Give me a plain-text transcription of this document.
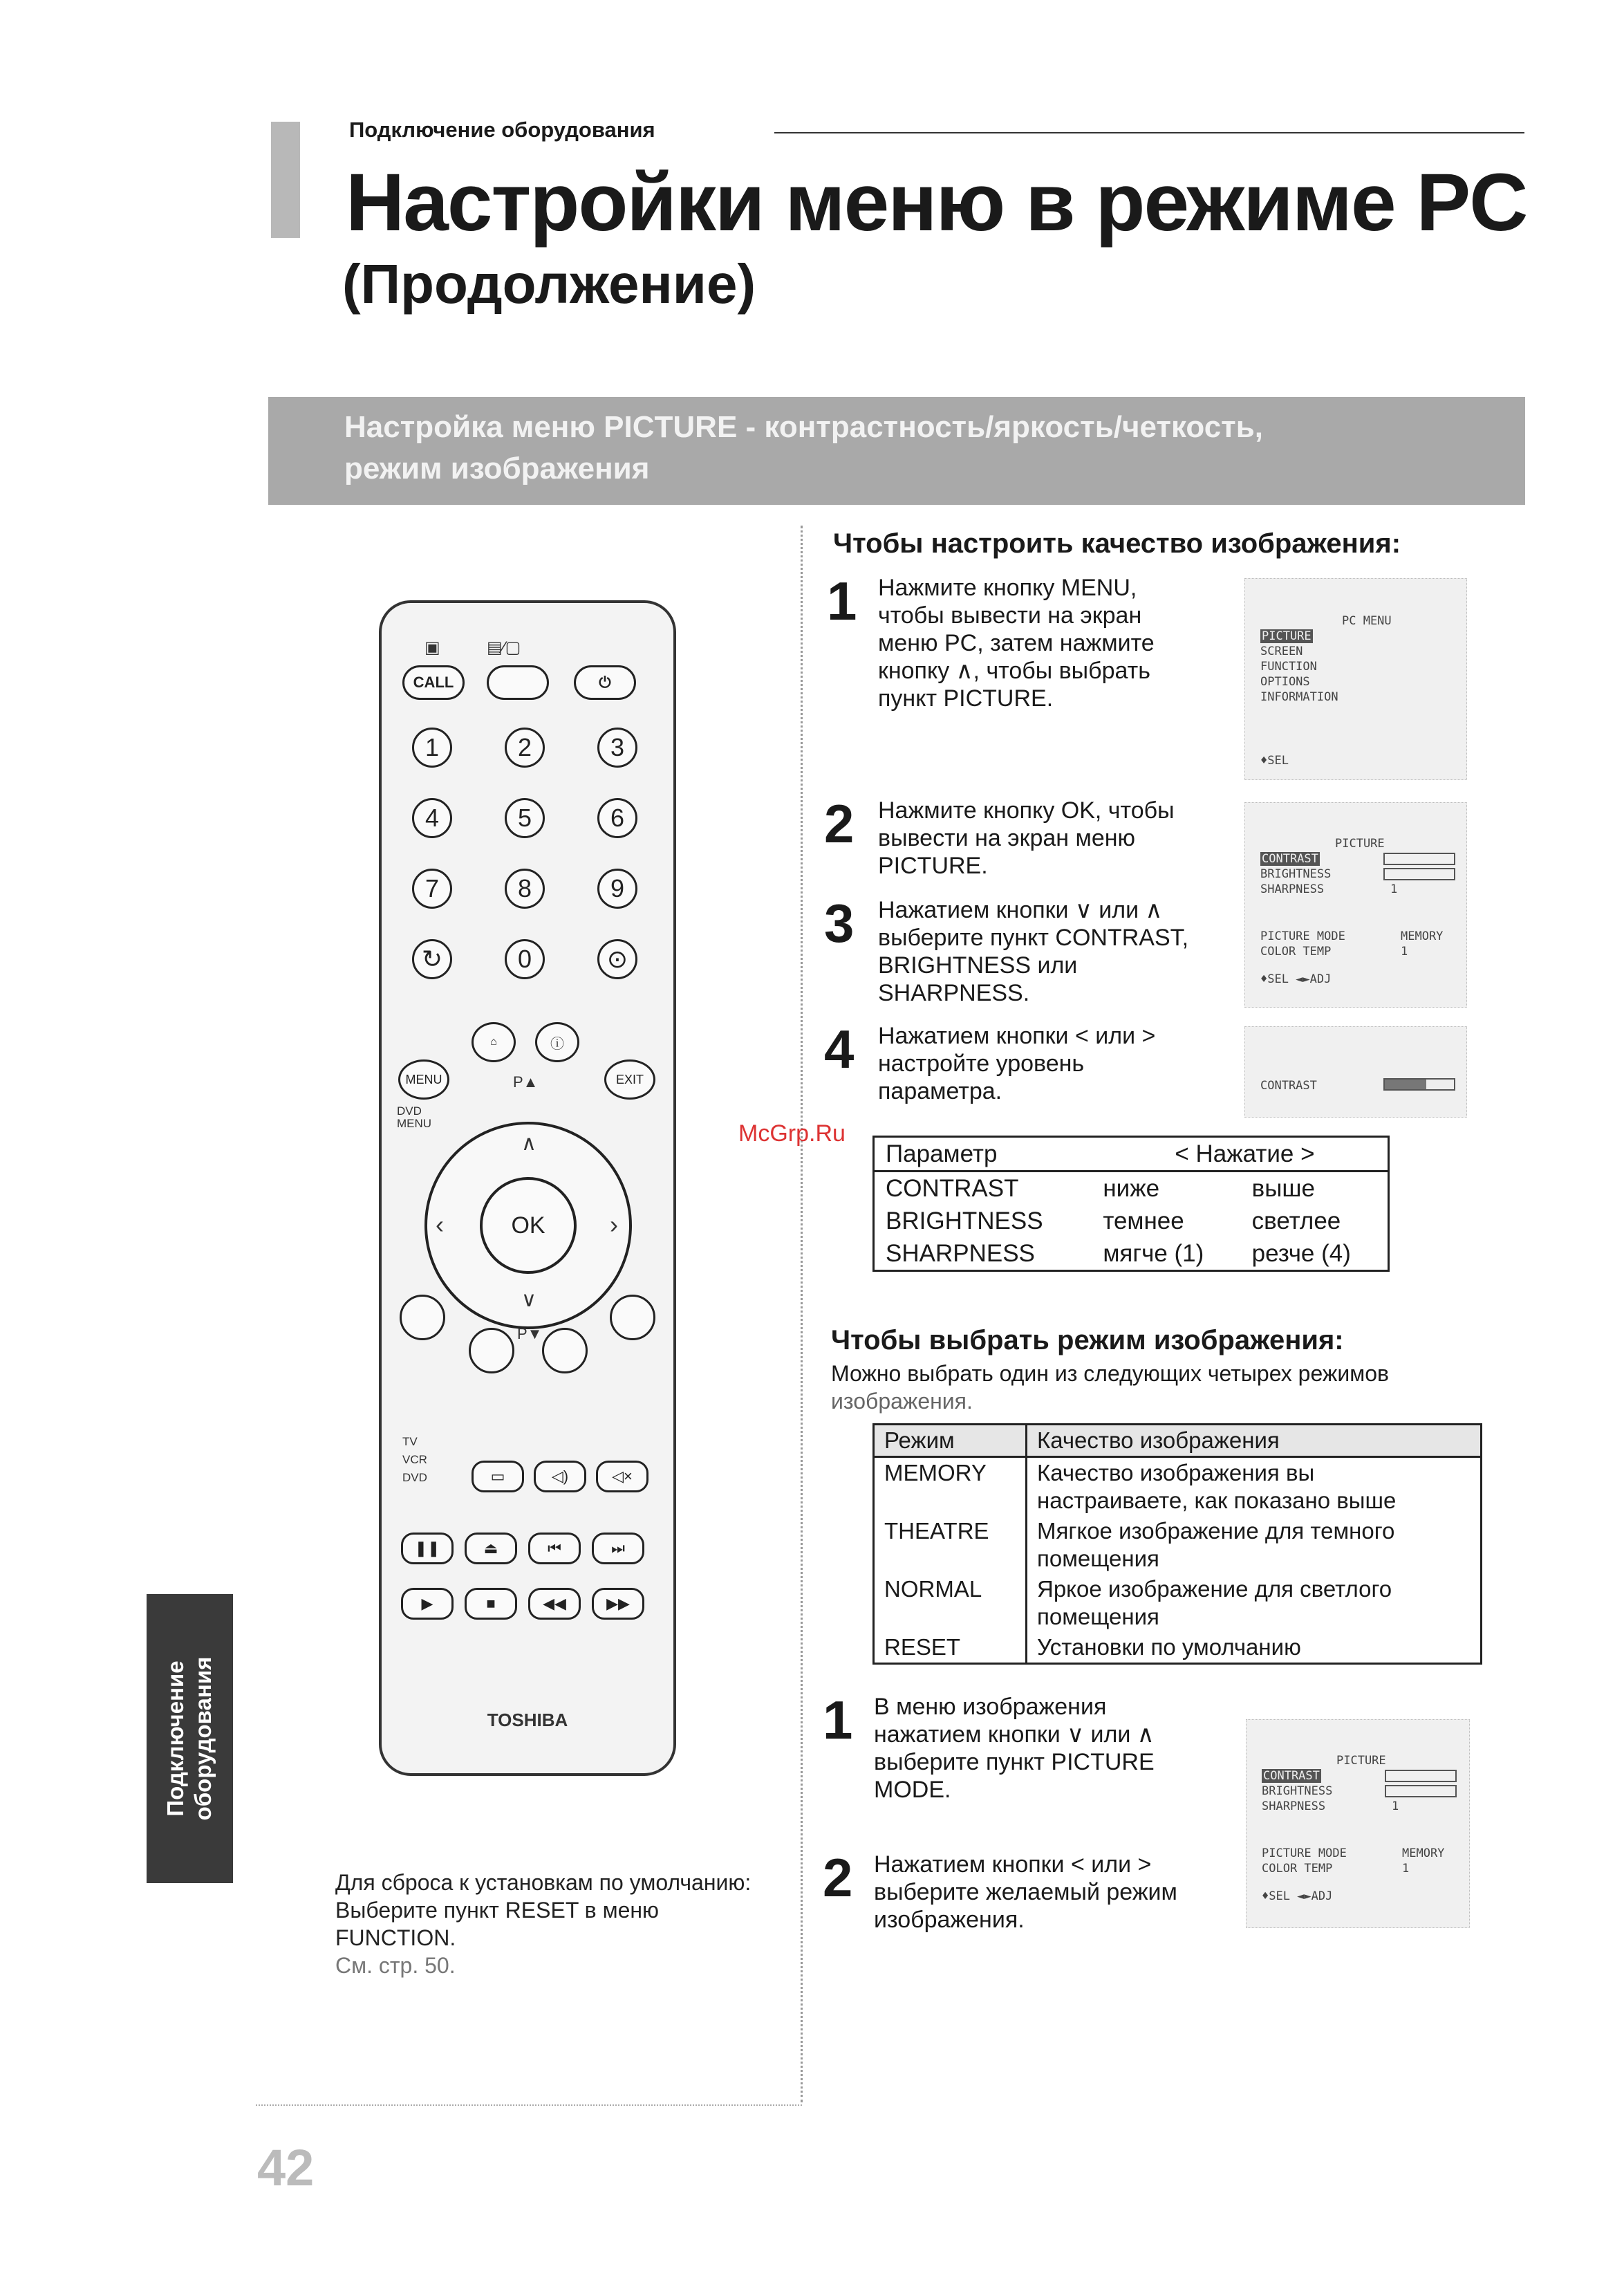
Подключение оборудования
Настройки меню в режиме PC
(Продолжение)
Настройка меню PICTURE - контрастность/яркость/четкость,
режим изображения
▣	▤⁄▢
CALL	⏻
1	2	3
4	5	6
7	8	9
↻	0	⊙
⌂	ⓘ
MENU	EXIT
P▲
DVD
MENU
OK
∧
∨
‹	›
P▼
TV
VCR
DVD	▭	◁)	◁×
❚❚	⏏	⏮	⏭
▶	■	◀◀	▶▶
TOSHIBA
Подключение оборудования
Для сброса к установкам по умолчанию:
Выберите пункт RESET в меню
FUNCTION.
См. стр. 50.
42
Чтобы настроить качество изображения:
1 Нажмите кнопку MENU,
чтобы вывести на экран
меню PC, затем нажмите
кнопку ∧, чтобы выбрать
пункт PICTURE.
PC MENU
PICTURE
SCREEN
FUNCTION
OPTIONS
INFORMATION
♦SEL
2 Нажмите кнопку OK, чтобы
вывести на экран меню
PICTURE.
3 Нажатием кнопки ∨ или ∧
выберите пункт CONTRAST,
BRIGHTNESS или
SHARPNESS.
PICTURE
CONTRAST
BRIGHTNESS
SHARPNESS	1
PICTURE MODE	MEMORY
COLOR TEMP	1
♦SEL ◄►ADJ
4 Нажатием кнопки < или >
настройте уровень
параметра.	CONTRAST
McGrp.Ru
Параметр	< Нажатие >	
CONTRAST	ниже	выше
BRIGHTNESS	темнее	светлее
SHARPNESS	мягче (1)	резче (4)
Чтобы выбрать режим изображения:
Можно выбрать один из следующих четырех режимов
изображения.
Режим	Качество изображения
MEMORY	Качество изображения вы
настраиваете, как показано выше

THEATRE	Мягкое изображение для темного
помещения

NORMAL	Яркое изображение для светлого
помещения

RESET	Установки по умолчанию
1 В меню изображения
нажатием кнопки ∨ или ∧
выберите пункт PICTURE
MODE.
2 Нажатием кнопки < или >
выберите желаемый режим
изображения.
PICTURE
CONTRAST
BRIGHTNESS
SHARPNESS	1
PICTURE MODE	MEMORY
COLOR TEMP	1
♦SEL ◄►ADJ
